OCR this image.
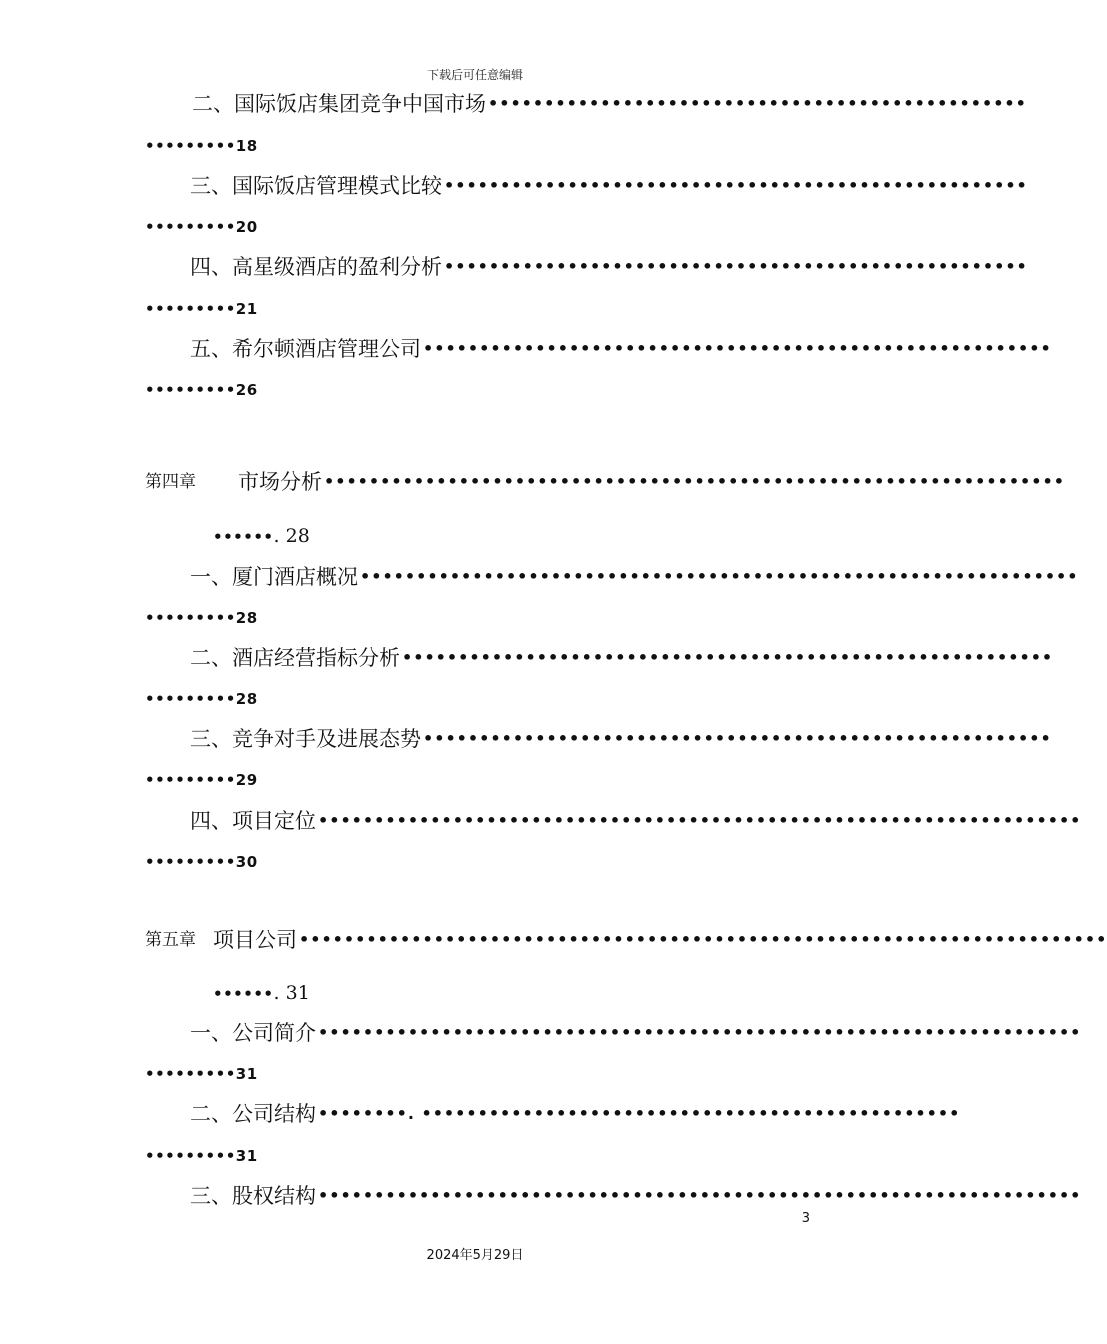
下载后可任意编辑
二、国际饭店集团竞争中国市场 ••••••••••••••••••••••••••••••••••••••••••••••••
•••••••••18
三、国际饭店管理模式比较 ••••••••••••••••••••••••••••••••••••••••••••••••••••
•••••••••20
四、高星级酒店的盈利分析 ••••••••••••••••••••••••••••••••••••••••••••••••••••
•••••••••21
五、希尔顿酒店管理公司 ••••••••••••••••••••••••••••••••••••••••••••••••••••••••
•••••••••26
第四章	市场分析 ••••••••••••••••••••••••••••••••••••••••••••••••••••••••••••••••••
••••••. 28
一、厦门酒店概况 ••••••••••••••••••••••••••••••••••••••••••••••••••••••••••••••••
•••••••••28
二、酒店经营指标分析 ••••••••••••••••••••••••••••••••••••••••••••••••••••••••••
•••••••••28
三、竞争对手及进展态势 ••••••••••••••••••••••••••••••••••••••••••••••••••••••••
•••••••••29
四、项目定位 ••••••••••••••••••••••••••••••••••••••••••••••••••••••••••••••••••••
•••••••••30
第五章 项目公司 ••••••••••••••••••••••••••••••••••••••••••••••••••••••••••••••••••••••••
••••••. 31
一、公司简介 ••••••••••••••••••••••••••••••••••••••••••••••••••••••••••••••••••••
•••••••••31
二、公司结构 ••••••••. ••••••••••••••••••••••••••••••••••••••••••••••••
•••••••••31
三、股权结构 ••••••••••••••••••••••••••••••••••••••••••••••••••••••••••••••••••••
3
2024年5月29日
